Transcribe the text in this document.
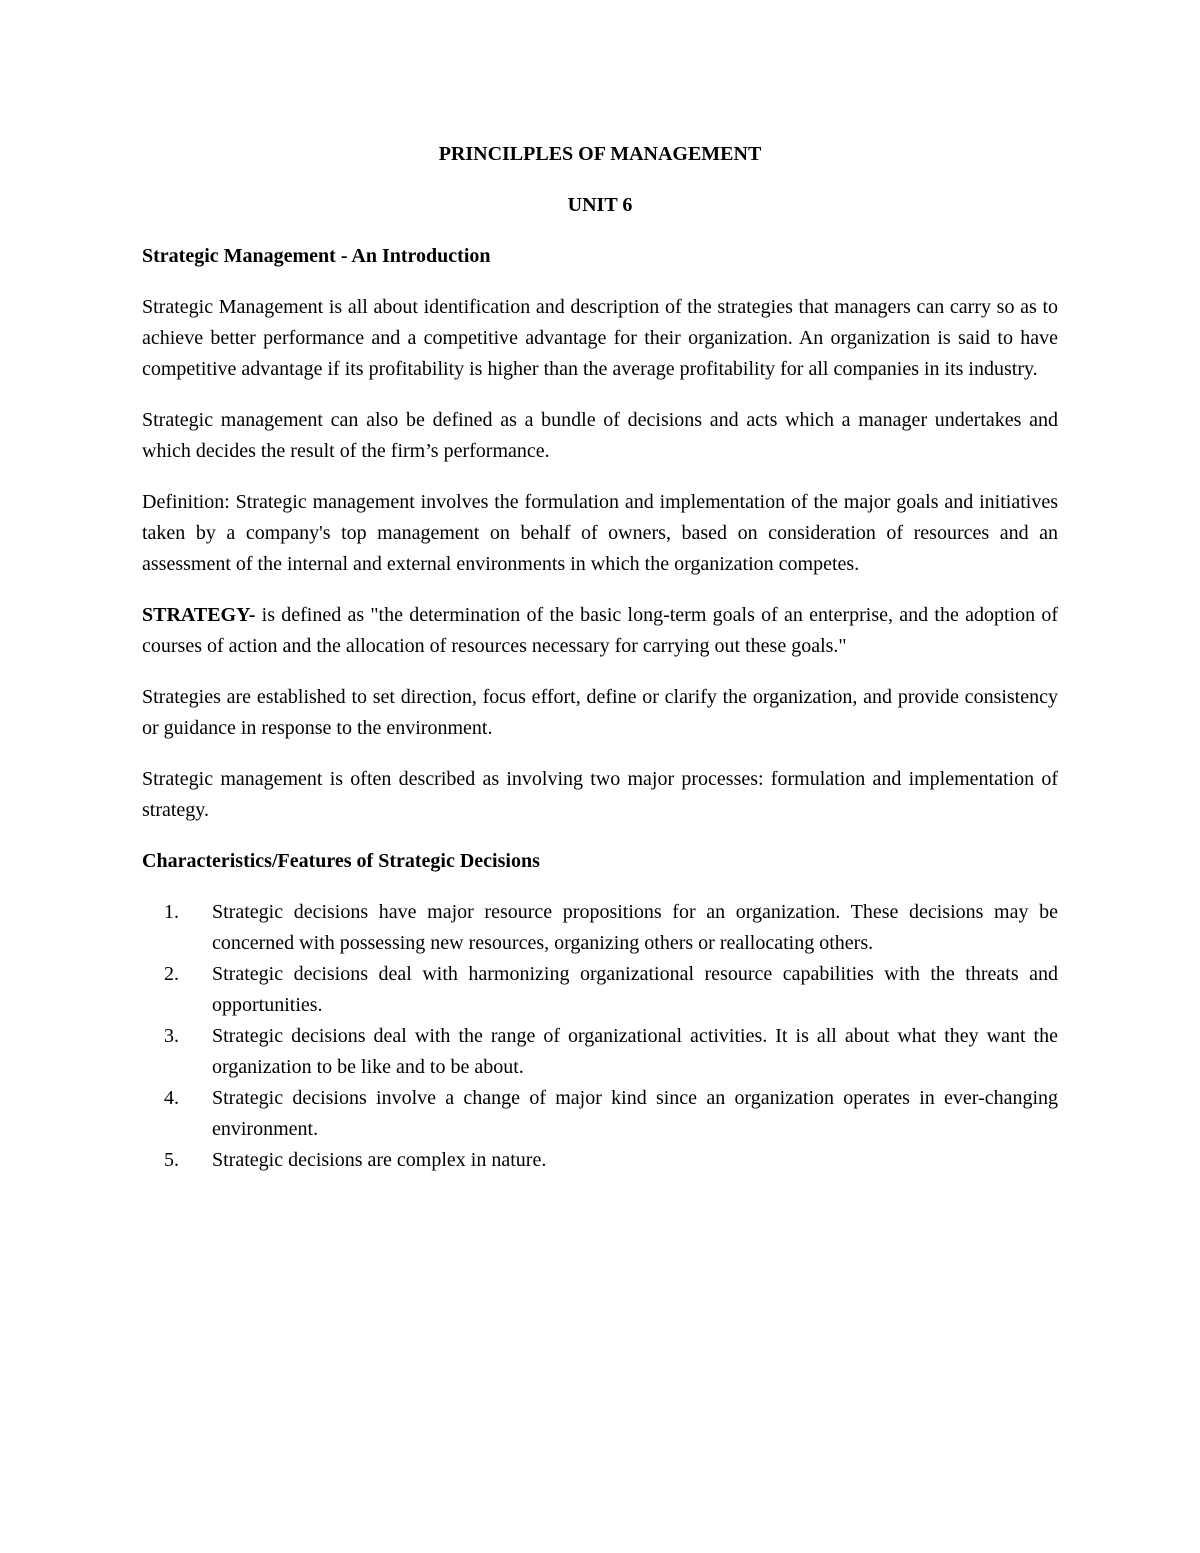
PRINCILPLES OF MANAGEMENT

UNIT 6

Strategic Management - An Introduction

Strategic Management is all about identification and description of the strategies that managers can carry so as to achieve better performance and a competitive advantage for their organization. An organization is said to have competitive advantage if its profitability is higher than the average profitability for all companies in its industry.

Strategic management can also be defined as a bundle of decisions and acts which a manager undertakes and which decides the result of the firm’s performance.

Definition: Strategic management involves the formulation and implementation of the major goals and initiatives taken by a company's top management on behalf of owners, based on consideration of resources and an assessment of the internal and external environments in which the organization competes.

STRATEGY- is defined as "the determination of the basic long-term goals of an enterprise, and the adoption of courses of action and the allocation of resources necessary for carrying out these goals."

Strategies are established to set direction, focus effort, define or clarify the organization, and provide consistency or guidance in response to the environment.

Strategic management is often described as involving two major processes: formulation and implementation of strategy.

Characteristics/Features of Strategic Decisions

1. Strategic decisions have major resource propositions for an organization. These decisions may be concerned with possessing new resources, organizing others or reallocating others.
2. Strategic decisions deal with harmonizing organizational resource capabilities with the threats and opportunities.
3. Strategic decisions deal with the range of organizational activities. It is all about what they want the organization to be like and to be about.
4. Strategic decisions involve a change of major kind since an organization operates in ever-changing environment.
5. Strategic decisions are complex in nature.
